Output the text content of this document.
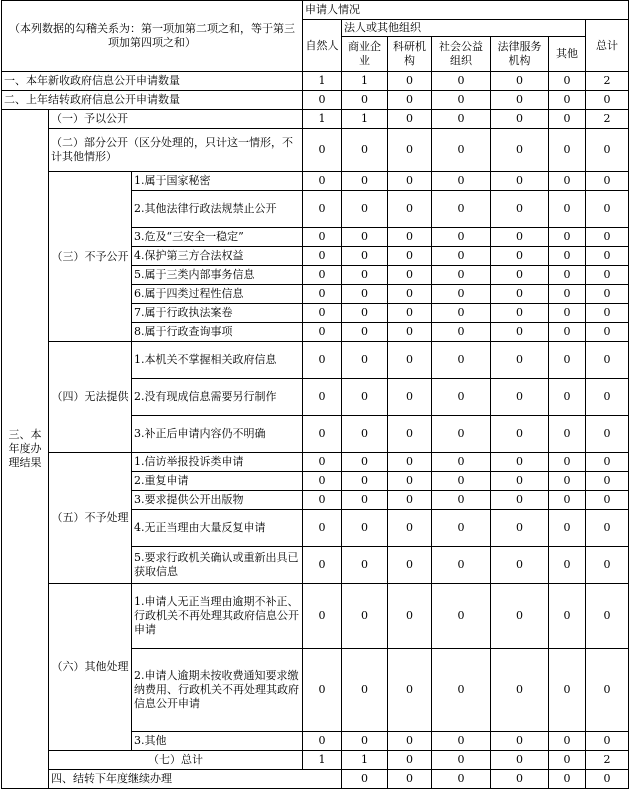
（本列数据的勾稽关系为：第一项加第二项之和，等于第三项加第四项之和）			申请人情况							
			自然人	法人或其他组织					总计	
				商业企业	科研机构	社会公益组织	法律服务机构	其他		
一、本年新收政府信息公开申请数量			1	1	0	0	0	0	2	
二、上年结转政府信息公开申请数量			0	0	0	0	0	0	0	
三、本年度办理结果	（一）予以公开		1	1	0	0	0	0	2	
	（二）部分公开（区分处理的，只计这一情形，不计其他情形）		0	0	0	0	0	0	0	
	（三）不予公开	1.属于国家秘密	0	0	0	0	0	0	0	
		2.其他法律行政法规禁止公开	0	0	0	0	0	0	0	
		3.危及“三安全一稳定”	0	0	0	0	0	0	0	
		4.保护第三方合法权益	0	0	0	0	0	0	0	
		5.属于三类内部事务信息	0	0	0	0	0	0	0	
		6.属于四类过程性信息	0	0	0	0	0	0	0	
		7.属于行政执法案卷	0	0	0	0	0	0	0	
		8.属于行政查询事项	0	0	0	0	0	0	0	
	（四）无法提供	1.本机关不掌握相关政府信息	0	0	0	0	0	0	0	
		2.没有现成信息需要另行制作	0	0	0	0	0	0	0	
		3.补正后申请内容仍不明确	0	0	0	0	0	0	0	
	（五）不予处理	1.信访举报投诉类申请	0	0	0	0	0	0	0	
		2.重复申请	0	0	0	0	0	0	0	
		3.要求提供公开出版物	0	0	0	0	0	0	0	
		4.无正当理由大量反复申请	0	0	0	0	0	0	0	
		5.要求行政机关确认或重新出具已获取信息	0	0	0	0	0	0	0	
	（六）其他处理	1.申请人无正当理由逾期不补正、行政机关不再处理其政府信息公开申请	0	0	0	0	0	0	0	
		2.申请人逾期未按收费通知要求缴纳费用、行政机关不再处理其政府信息公开申请	0	0	0	0	0	0	0	
		3.其他	0	0	0	0	0	0	0	
	（七）总计		1	1	0	0	0	0	2	
	四、结转下年度继续办理			0	0	0	0	0	0	
